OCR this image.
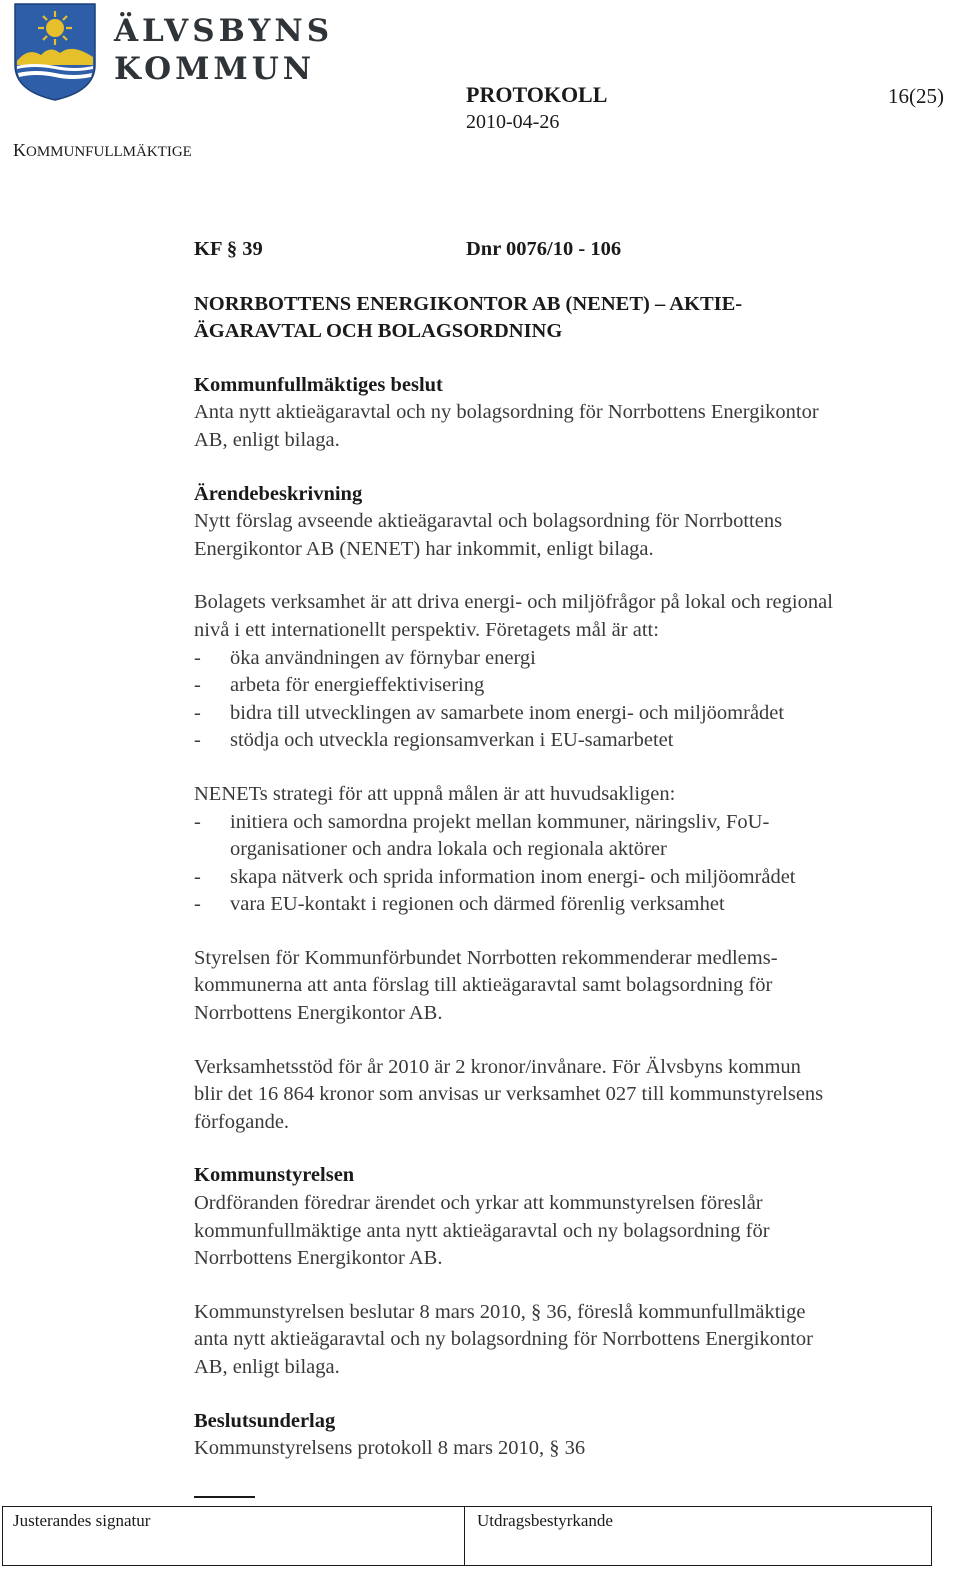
ÄLVSBYNS
KOMMUN
KOMMUNFULLMÄKTIGE
PROTOKOLL	16(25)
2010-04-26

KF § 39	Dnr 0076/10 - 106

NORRBOTTENS ENERGIKONTOR AB (NENET) – AKTIE-
ÄGARAVTAL OCH BOLAGSORDNING

Kommunfullmäktiges beslut

Anta nytt aktieägaravtal och ny bolagsordning för Norrbottens Energikontor
AB, enligt bilaga.

Ärendebeskrivning

Nytt förslag avseende aktieägaravtal och bolagsordning för Norrbottens
Energikontor AB (NENET) har inkommit, enligt bilaga.

Bolagets verksamhet är att driva energi- och miljöfrågor på lokal och regional
nivå i ett internationellt perspektiv. Företagets mål är att:

-	öka användningen av förnybar energi
-	arbeta för energieffektivisering
-	bidra till utvecklingen av samarbete inom energi- och miljöområdet
-	stödja och utveckla regionsamverkan i EU-samarbetet

NENETs strategi för att uppnå målen är att huvudsakligen:

-	initiera och samordna projekt mellan kommuner, näringsliv, FoU-
organisationer och andra lokala och regionala aktörer
-	skapa nätverk och sprida information inom energi- och miljöområdet
-	vara EU-kontakt i regionen och därmed förenlig verksamhet

Styrelsen för Kommunförbundet Norrbotten rekommenderar medlems-
kommunerna att anta förslag till aktieägaravtal samt bolagsordning för
Norrbottens Energikontor AB.

Verksamhetsstöd för år 2010 är 2 kronor/invånare. För Älvsbyns kommun
blir det 16 864 kronor som anvisas ur verksamhet 027 till kommunstyrelsens
förfogande.

Kommunstyrelsen

Ordföranden föredrar ärendet och yrkar att kommunstyrelsen föreslår
kommunfullmäktige anta nytt aktieägaravtal och ny bolagsordning för
Norrbottens Energikontor AB.

Kommunstyrelsen beslutar 8 mars 2010, § 36, föreslå kommunfullmäktige
anta nytt aktieägaravtal och ny bolagsordning för Norrbottens Energikontor
AB, enligt bilaga.

Beslutsunderlag

Kommunstyrelsens protokoll 8 mars 2010, § 36

Justerandes signatur	Utdragsbestyrkande
